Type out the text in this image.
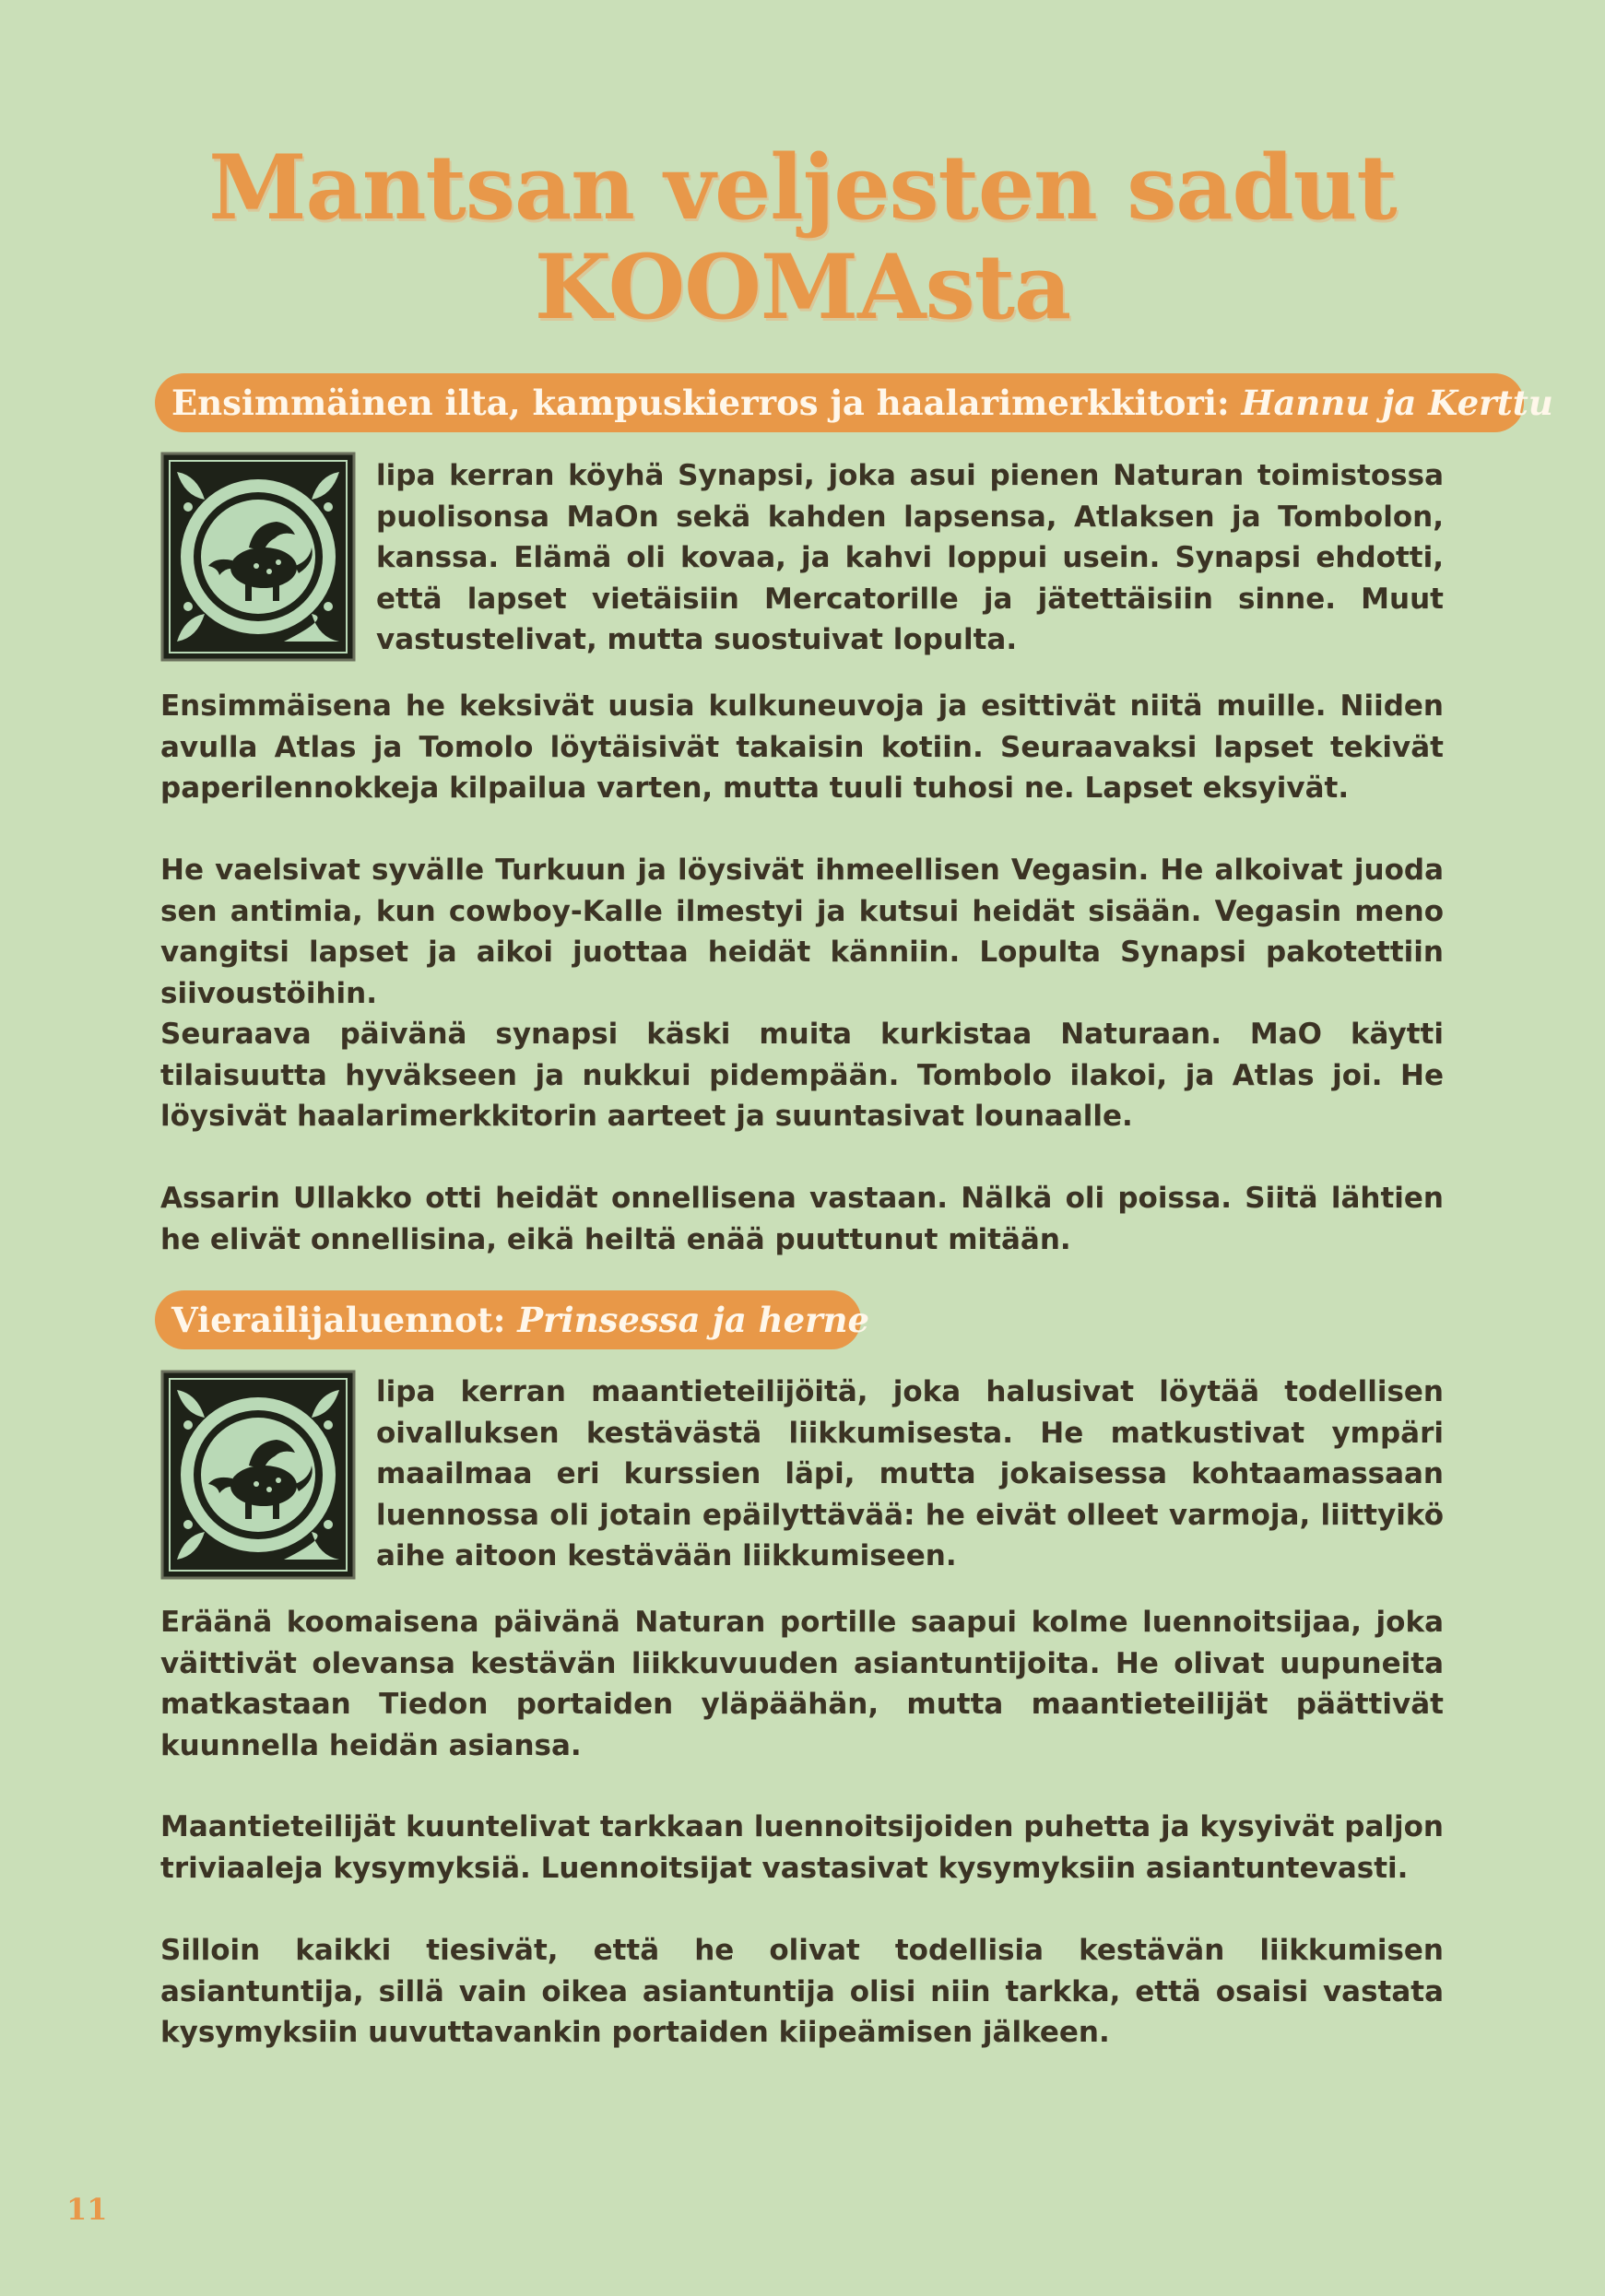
Mantsan veljesten sadut
KOOMAsta
Ensimmäinen ilta, kampuskierros ja haalarimerkkitori: Hannu ja Kerttu
lipa kerran köyhä Synapsi, joka asui pienen Naturan toimistossa puolisonsa MaOn sekä kahden lapsensa, Atlaksen ja Tombolon, kanssa. Elämä oli kovaa, ja kahvi loppui usein. Synapsi ehdotti, että lapset vietäisiin Mercatorille ja jätettäisiin sinne. Muut vastustelivat, mutta suostuivat lopulta.
Ensimmäisena he keksivät uusia kulkuneuvoja ja esittivät niitä muille. Niiden avulla Atlas ja Tomolo löytäisivät takaisin kotiin. Seuraavaksi lapset tekivät paperilennokkeja kilpailua varten, mutta tuuli tuhosi ne. Lapset eksyivät.
He vaelsivat syvälle Turkuun ja löysivät ihmeellisen Vegasin. He alkoivat juoda sen antimia, kun cowboy-Kalle ilmestyi ja kutsui heidät sisään. Vegasin meno vangitsi lapset ja aikoi juottaa heidät känniin. Lopulta Synapsi pakotettiin siivoustöihin.
Seuraava päivänä synapsi käski muita kurkistaa Naturaan. MaO käytti tilaisuutta hyväkseen ja nukkui pidempään. Tombolo ilakoi, ja Atlas joi. He löysivät haalarimerkkitorin aarteet ja suuntasivat lounaalle.
Assarin Ullakko otti heidät onnellisena vastaan. Nälkä oli poissa. Siitä lähtien he elivät onnellisina, eikä heiltä enää puuttunut mitään.
Vierailijaluennot: Prinsessa ja herne
lipa kerran maantieteilijöitä, joka halusivat löytää todellisen oivalluksen kestävästä liikkumisesta. He matkustivat ympäri maailmaa eri kurssien läpi, mutta jokaisessa kohtaamassaan luennossa oli jotain epäilyttävää: he eivät olleet varmoja, liittyikö aihe aitoon kestävään liikkumiseen.
Eräänä koomaisena päivänä Naturan portille saapui kolme luennoitsijaa, joka väittivät olevansa kestävän liikkuvuuden asiantuntijoita. He olivat uupuneita matkastaan Tiedon portaiden yläpäähän, mutta maantieteilijät päättivät kuunnella heidän asiansa.
Maantieteilijät kuuntelivat tarkkaan luennoitsijoiden puhetta ja kysyivät paljon triviaaleja kysymyksiä. Luennoitsijat vastasivat kysymyksiin asiantuntevasti.
Silloin kaikki tiesivät, että he olivat todellisia kestävän liikkumisen asiantuntija, sillä vain oikea asiantuntija olisi niin tarkka, että osaisi vastata kysymyksiin uuvuttavankin portaiden kiipeämisen jälkeen.
11
